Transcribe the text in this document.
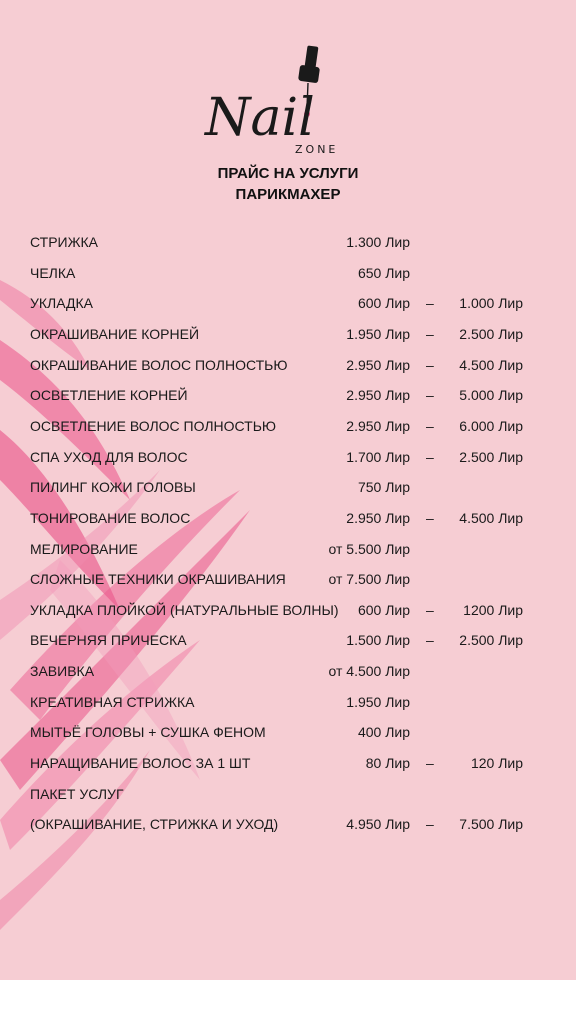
Nail
ZONE
ПРАЙС НА УСЛУГИ
ПАРИКМАХЕР
СТРИЖКА	1.300 Лир
ЧЕЛКА	650 Лир
УКЛАДКА	600 Лир – 1.000 Лир
ОКРАШИВАНИЕ КОРНЕЙ	1.950 Лир – 2.500 Лир
ОКРАШИВАНИЕ ВОЛОС ПОЛНОСТЬЮ	2.950 Лир – 4.500 Лир
ОСВЕТЛЕНИЕ КОРНЕЙ	2.950 Лир – 5.000 Лир
ОСВЕТЛЕНИЕ ВОЛОС ПОЛНОСТЬЮ	2.950 Лир – 6.000 Лир
СПА УХОД ДЛЯ ВОЛОС	1.700 Лир – 2.500 Лир
ПИЛИНГ КОЖИ ГОЛОВЫ	750 Лир
ТОНИРОВАНИЕ ВОЛОС	2.950 Лир – 4.500 Лир
МЕЛИРОВАНИЕ	от 5.500 Лир
СЛОЖНЫЕ ТЕХНИКИ ОКРАШИВАНИЯ	от 7.500 Лир
УКЛАДКА ПЛОЙКОЙ (НАТУРАЛЬНЫЕ ВОЛНЫ) 600 Лир – 1200 Лир
ВЕЧЕРНЯЯ ПРИЧЕСКА	1.500 Лир – 2.500 Лир
ЗАВИВКА	от 4.500 Лир
КРЕАТИВНАЯ СТРИЖКА	1.950 Лир
МЫТЬЁ ГОЛОВЫ + СУШКА ФЕНОМ	400 Лир
НАРАЩИВАНИЕ ВОЛОС ЗА 1 ШТ	80 Лир –	120 Лир
ПАКЕТ УСЛУГ
(ОКРАШИВАНИЕ, СТРИЖКА И УХОД)	4.950 Лир – 7.500 Лир
